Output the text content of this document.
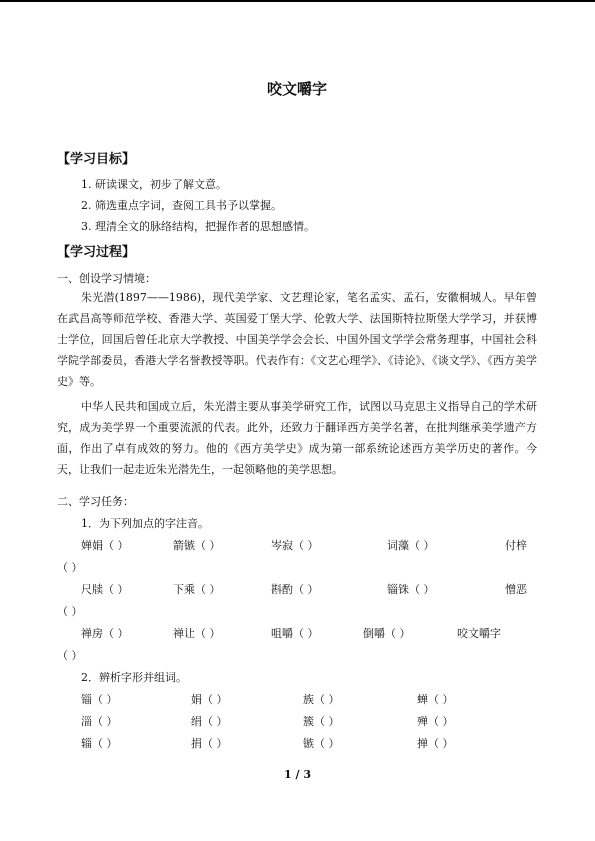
咬文嚼字
【学习目标】
1. 研读课文，初步了解文意。
2. 筛选重点字词，查阅工具书予以掌握。
3. 理清全文的脉络结构，把握作者的思想感情。
【学习过程】
一、创设学习情境：
朱光潜(1897——1986)，现代美学家、文艺理论家，笔名孟实、孟石，安徽桐城人。早年曾在武昌高等师范学校、香港大学、英国爱丁堡大学、伦敦大学、法国斯特拉斯堡大学学习，并获博士学位，回国后曾任北京大学教授、中国美学学会会长、中国外国文学学会常务理事，中国社会科学院学部委员，香港大学名誉教授等职。代表作有：《文艺心理学》、《诗论》、《谈文学》、《西方美学史》等。
中华人民共和国成立后，朱光潜主要从事美学研究工作，试图以马克思主义指导自己的学术研究，成为美学界一个重要流派的代表。此外，还致力于翻译西方美学名著，在批判继承美学遗产方面，作出了卓有成效的努力。他的《西方美学史》成为第一部系统论述西方美学历史的著作。今天，让我们一起走近朱光潜先生，一起领略他的美学思想。
二、学习任务：
1．为下列加点的字注音。
婵娟（ ）	箭镞（ ）	岑寂（ ）	词藻（ ）	付梓
（ ）
尺牍（ ）	下乘（ ）	斟酌（ ）	锱铢（ ）	憎恶
（ ）
禅房（ ）	禅让（ ）	咀嚼（ ）	倒嚼（ ）	咬文嚼字
（ ）
2．辨析字形并组词。
锱（ ）	娟（ ）	族（ ）	蝉（ ）
淄（ ）	绢（ ）	簇（ ）	殚（ ）
辎（ ）	捐（ ）	镞（ ）	掸（ ）
1 / 3
